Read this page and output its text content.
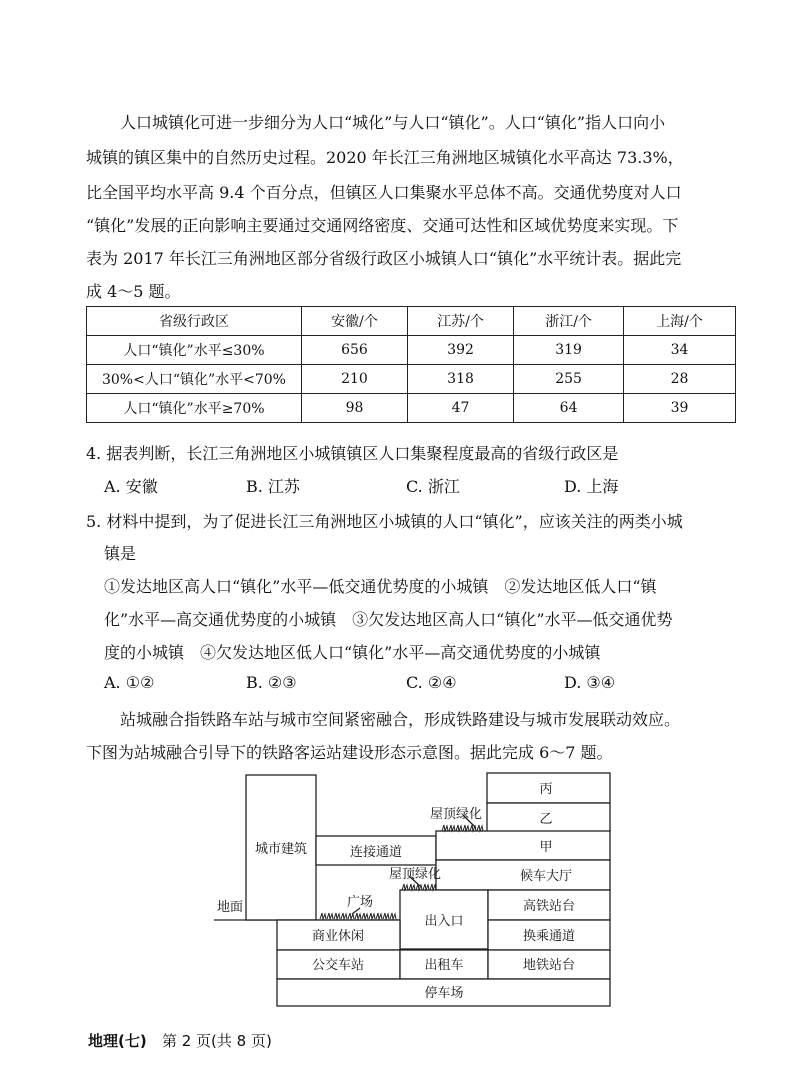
人口城镇化可进一步细分为人口“城化”与人口“镇化”。人口“镇化”指人口向小
城镇的镇区集中的自然历史过程。2020 年长江三角洲地区城镇化水平高达 73.3%，
比全国平均水平高 9.4 个百分点，但镇区人口集聚水平总体不高。交通优势度对人口
“镇化”发展的正向影响主要通过交通网络密度、交通可达性和区域优势度来实现。下
表为 2017 年长江三角洲地区部分省级行政区小城镇人口“镇化”水平统计表。据此完
成 4～5 题。
省级行政区	安徽/个	江苏/个	浙江/个	上海/个
人口“镇化”水平≤30%	656	392	319	34
30%<人口“镇化”水平<70%	210	318	255	28
人口“镇化”水平≥70%	98	47	64	39
4. 据表判断，长江三角洲地区小城镇镇区人口集聚程度最高的省级行政区是
A. 安徽	B. 江苏	C. 浙江	D. 上海
5. 材料中提到，为了促进长江三角洲地区小城镇的人口“镇化”，应该关注的两类小城
镇是
①发达地区高人口“镇化”水平—低交通优势度的小城镇　②发达地区低人口“镇
化”水平—高交通优势度的小城镇　③欠发达地区高人口“镇化”水平—低交通优势
度的小城镇　④欠发达地区低人口“镇化”水平—高交通优势度的小城镇
A. ①②	B. ②③	C. ②④	D. ③④
站城融合指铁路车站与城市空间紧密融合，形成铁路建设与城市发展联动效应。
下图为站城融合引导下的铁路客运站建设形态示意图。据此完成 6～7 题。
城市建筑
地面
连接通道
屋顶绿化
屋顶绿化
广场
丙
乙
甲
候车大厅
出入口
高铁站台
换乘通道
商业休闲
公交车站	出租车	地铁站台
停车场
地理(七) 第 2 页(共 8 页)
